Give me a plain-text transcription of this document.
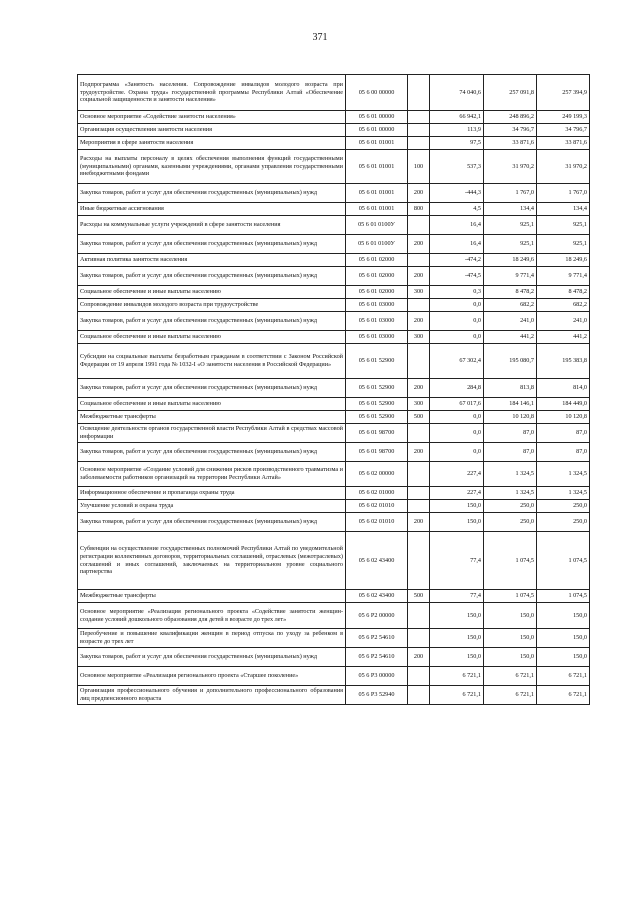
371
Подпрограмма «Занятость населения. Сопровождение инвалидов молодого возраста при трудоустройстве. Охрана труда» государственной программы Республики Алтай «Обеспечение социальной защищенности и занятости населения»	05 6 00 00000		74 040,6	257 091,8	257 394,9
Основное мероприятие «Содействие занятости населения»	05 6 01 00000		66 942,1	248 896,2	249 199,3
Организация осуществления занятости населения	05 6 01 00000		113,9	34 796,7	34 796,7
Мероприятия в сфере занятости населения	05 6 01 01001		97,5	33 871,6	33 871,6
Расходы на выплаты персоналу в целях обеспечения выполнения функций государственными (муниципальными) органами, казенными учреждениями, органами управления государственными внебюджетными фондами	05 6 01 01001	100	537,3	31 970,2	31 970,2
Закупка товаров, работ и услуг для обеспечения государственных (муниципальных) нужд	05 6 01 01001	200	-444,3	1 767,0	1 767,0
Иные бюджетные ассигнования	05 6 01 01001	800	4,5	134,4	134,4
Расходы на коммунальные услуги учреждений в сфере занятости населения	05 6 01 0100У		16,4	925,1	925,1
Закупка товаров, работ и услуг для обеспечения государственных (муниципальных) нужд	05 6 01 0100У	200	16,4	925,1	925,1
Активная политика занятости населения	05 6 01 02000		-474,2	18 249,6	18 249,6
Закупка товаров, работ и услуг для обеспечения государственных (муниципальных) нужд	05 6 01 02000	200	-474,5	9 771,4	9 771,4
Социальное обеспечение и иные выплаты населению	05 6 01 02000	300	0,3	8 478,2	8 478,2
Сопровождение инвалидов молодого возраста при трудоустройстве	05 6 01 03000		0,0	682,2	682,2
Закупка товаров, работ и услуг для обеспечения государственных (муниципальных) нужд	05 6 01 03000	200	0,0	241,0	241,0
Социальное обеспечение и иные выплаты населению	05 6 01 03000	300	0,0	441,2	441,2
Субсидии на социальные выплаты безработным гражданам в соответствии с Законом Российской Федерации от 19 апреля 1991 года № 1032-I «О занятости населения в Российской Федерации»	05 6 01 52900		67 302,4	195 080,7	195 383,8
Закупка товаров, работ и услуг для обеспечения государственных (муниципальных) нужд	05 6 01 52900	200	284,8	813,8	814,0
Социальное обеспечение и иные выплаты населению	05 6 01 52900	300	67 017,6	184 146,1	184 449,0
Межбюджетные трансферты	05 6 01 52900	500	0,0	10 120,8	10 120,8
Освещение деятельности органов государственной власти Республики Алтай в средствах массовой информации	05 6 01 98700		0,0	87,0	87,0
Закупка товаров, работ и услуг для обеспечения государственных (муниципальных) нужд	05 6 01 98700	200	0,0	87,0	87,0
Основное мероприятие «Создание условий для снижения рисков производственного травматизма и заболеваемости работников организаций на территории Республики Алтай»	05 6 02 00000		227,4	1 324,5	1 324,5
Информационное обеспечение и пропаганда охраны труда	05 6 02 01000		227,4	1 324,5	1 324,5
Улучшение условий и охрана труда	05 6 02 01010		150,0	250,0	250,0
Закупка товаров, работ и услуг для обеспечения государственных (муниципальных) нужд	05 6 02 01010	200	150,0	250,0	250,0
Субвенции на осуществление государственных полномочий Республики Алтай по уведомительной регистрации коллективных договоров, территориальных соглашений, отраслевых (межотраслевых) соглашений и иных соглашений, заключаемых на территориальном уровне социального партнерства	05 6 02 43400		77,4	1 074,5	1 074,5
Межбюджетные трансферты	05 6 02 43400	500	77,4	1 074,5	1 074,5
Основное мероприятие «Реализация регионального проекта «Содействие занятости женщин-создание условий дошкольного образования для детей в возрасте до трех лет»	05 6 P2 00000		150,0	150,0	150,0
Переобучение и повышение квалификации женщин в период отпуска по уходу за ребенком в возрасте до трех лет	05 6 P2 54610		150,0	150,0	150,0
Закупка товаров, работ и услуг для обеспечения государственных (муниципальных) нужд	05 6 P2 54610	200	150,0	150,0	150,0
Основное мероприятие «Реализация регионального проекта «Старшее поколение»	05 6 P3 00000		6 721,1	6 721,1	6 721,1
Организация профессионального обучения и дополнительного профессионального образования лиц предпенсионного возраста	05 6 P3 52940		6 721,1	6 721,1	6 721,1
